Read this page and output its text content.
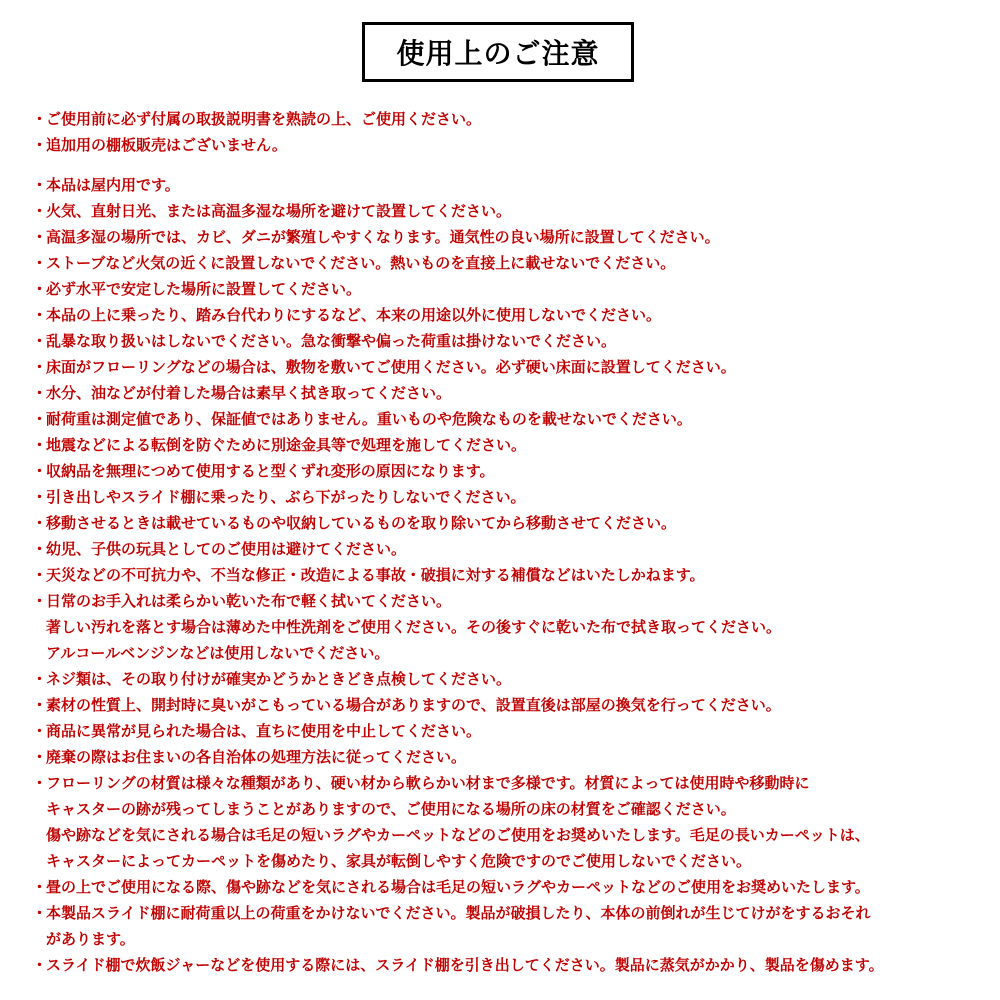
使用上のご注意
・
ご使用前に必ず付属の取扱説明書を熟読の上、ご使用ください。
・
追加用の棚板販売はございません。
・
本品は屋内用です。
・
火気、直射日光、または高温多湿な場所を避けて設置してください。
・
高温多湿の場所では、カビ、ダニが繁殖しやすくなります。通気性の良い場所に設置してください。
・
ストーブなど火気の近くに設置しないでください。熱いものを直接上に載せないでください。
・
必ず水平で安定した場所に設置してください。
・
本品の上に乗ったり、踏み台代わりにするなど、本来の用途以外に使用しないでください。
・
乱暴な取り扱いはしないでください。急な衝撃や偏った荷重は掛けないでください。
・
床面がフローリングなどの場合は、敷物を敷いてご使用ください。必ず硬い床面に設置してください。
・
水分、油などが付着した場合は素早く拭き取ってください。
・
耐荷重は測定値であり、保証値ではありません。重いものや危険なものを載せないでください。
・
地震などによる転倒を防ぐために別途金具等で処理を施してください。
・
収納品を無理につめて使用すると型くずれ変形の原因になります。
・
引き出しやスライド棚に乗ったり、ぶら下がったりしないでください。
・
移動させるときは載せているものや収納しているものを取り除いてから移動させてください。
・
幼児、子供の玩具としてのご使用は避けてください。
・
天災などの不可抗力や、不当な修正・改造による事故・破損に対する補償などはいたしかねます。
・
日常のお手入れは柔らかい乾いた布で軽く拭いてください。
著しい汚れを落とす場合は薄めた中性洗剤をご使用ください。その後すぐに乾いた布で拭き取ってください。
アルコールベンジンなどは使用しないでください。
・
ネジ類は、その取り付けが確実かどうかときどき点検してください。
・
素材の性質上、開封時に臭いがこもっている場合がありますので、設置直後は部屋の換気を行ってください。
・
商品に異常が見られた場合は、直ちに使用を中止してください。
・
廃棄の際はお住まいの各自治体の処理方法に従ってください。
・
フローリングの材質は様々な種類があり、硬い材から軟らかい材まで多様です。材質によっては使用時や移動時に
キャスターの跡が残ってしまうことがありますので、ご使用になる場所の床の材質をご確認ください。
傷や跡などを気にされる場合は毛足の短いラグやカーペットなどのご使用をお奨めいたします。毛足の長いカーペットは、
キャスターによってカーペットを傷めたり、家具が転倒しやすく危険ですのでご使用しないでください。
・
畳の上でご使用になる際、傷や跡などを気にされる場合は毛足の短いラグやカーペットなどのご使用をお奨めいたします。
・
本製品スライド棚に耐荷重以上の荷重をかけないでください。製品が破損したり、本体の前倒れが生じてけがをするおそれ
があります。
・
スライド棚で炊飯ジャーなどを使用する際には、スライド棚を引き出してください。製品に蒸気がかかり、製品を傷めます。
